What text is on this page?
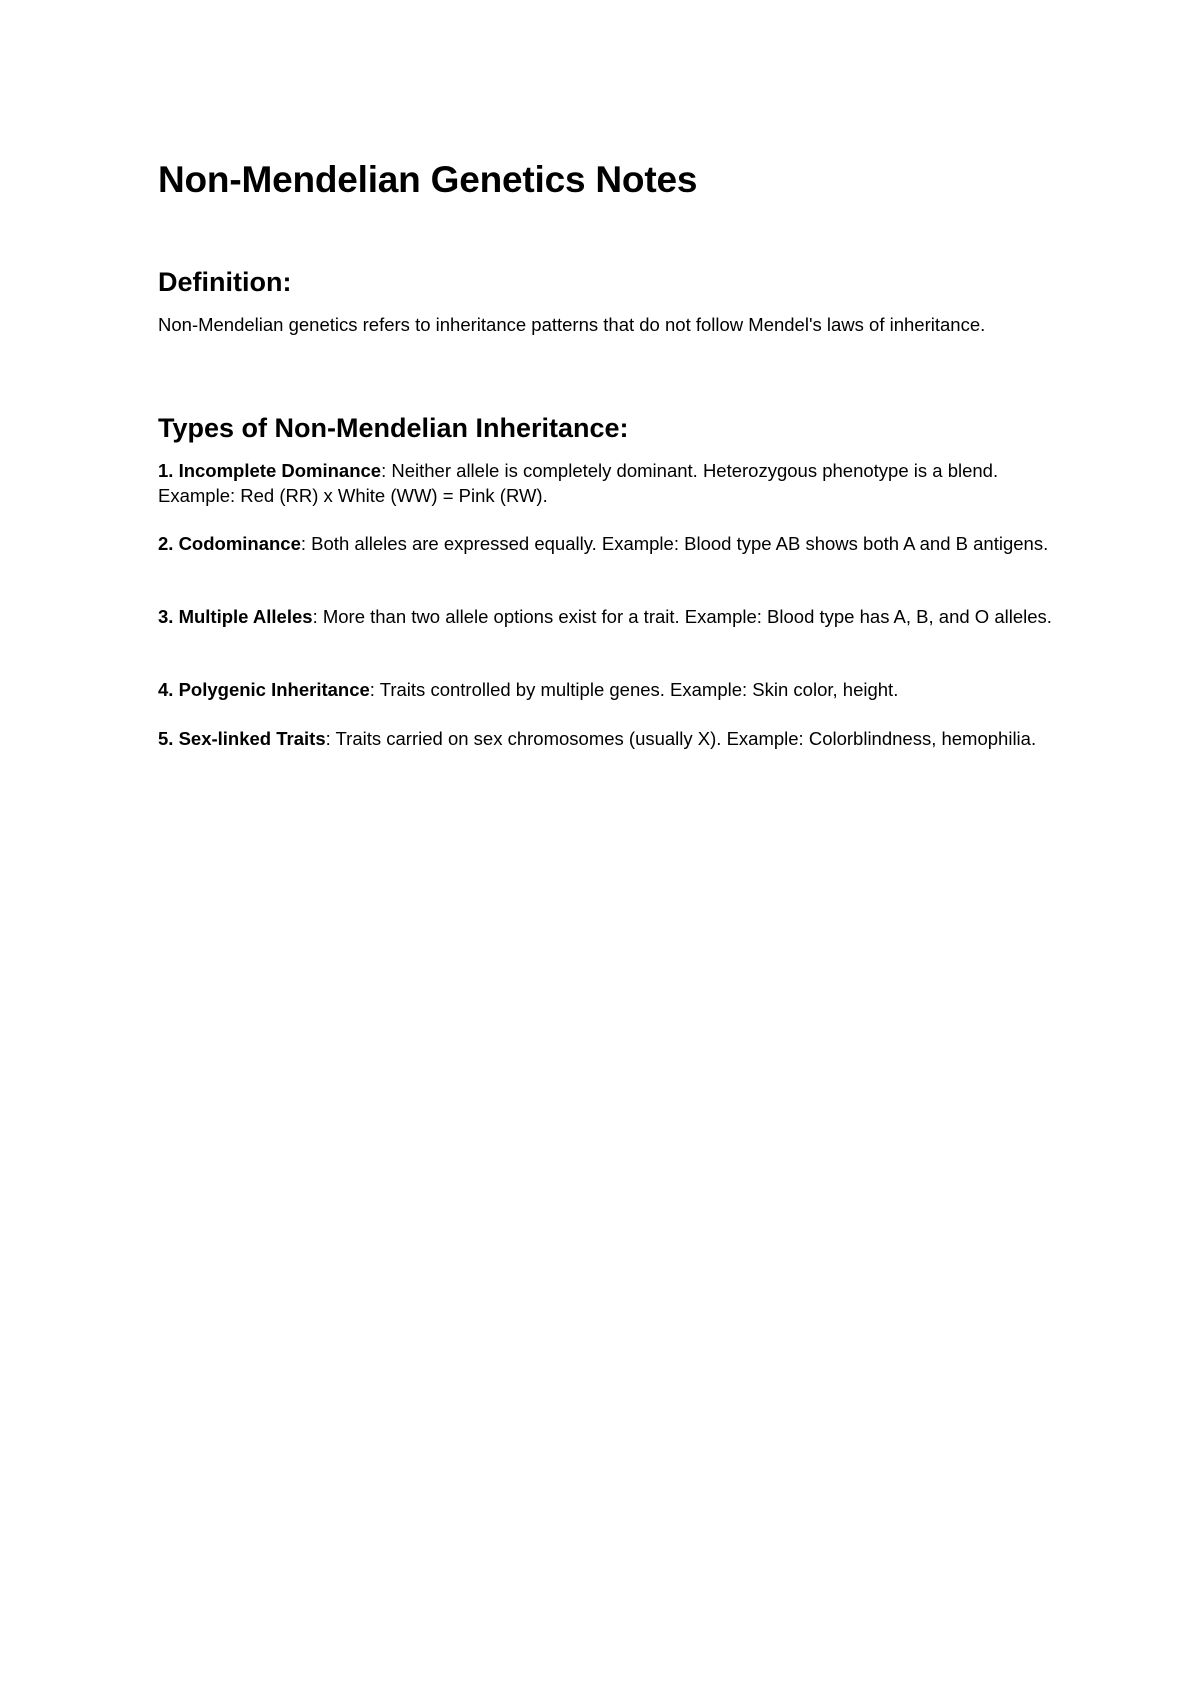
Non-Mendelian Genetics Notes
Definition:

Non-Mendelian genetics refers to inheritance patterns that do not follow Mendel's laws of inheritance.

Types of Non-Mendelian Inheritance:

1. Incomplete Dominance: Neither allele is completely dominant. Heterozygous phenotype is a blend. Example: Red (RR) x White (WW) = Pink (RW).

2. Codominance: Both alleles are expressed equally. Example: Blood type AB shows both A and B antigens.

3. Multiple Alleles: More than two allele options exist for a trait. Example: Blood type has A, B, and O alleles.

4. Polygenic Inheritance: Traits controlled by multiple genes. Example: Skin color, height.

5. Sex-linked Traits: Traits carried on sex chromosomes (usually X). Example: Colorblindness, hemophilia.
